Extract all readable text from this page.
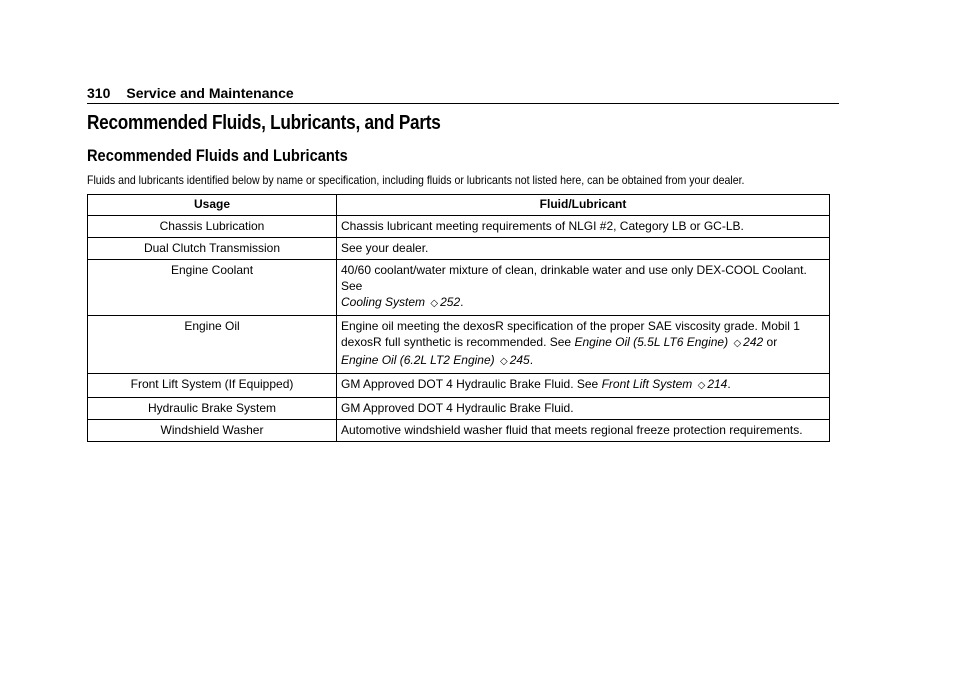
310 Service and Maintenance
Recommended Fluids, Lubricants, and Parts
Recommended Fluids and Lubricants

Fluids and lubricants identified below by name or specification, including fluids or lubricants not listed here, can be obtained from your dealer.

Usage	Fluid/Lubricant
Chassis Lubrication	Chassis lubricant meeting requirements of NLGI #2, Category LB or GC-LB.
Dual Clutch Transmission	See your dealer.
Engine Coolant	40/60 coolant/water mixture of clean, drinkable water and use only DEX-COOL Coolant. See
Cooling System ◇ 252.
Engine Oil	Engine oil meeting the dexosR specification of the proper SAE viscosity grade. Mobil 1 dexosR full synthetic is recommended. See Engine Oil (5.5L LT6 Engine) ◇ 242 or
Engine Oil (6.2L LT2 Engine) ◇ 245.
Front Lift System (If Equipped)	GM Approved DOT 4 Hydraulic Brake Fluid. See Front Lift System ◇ 214.
Hydraulic Brake System	GM Approved DOT 4 Hydraulic Brake Fluid.
Windshield Washer	Automotive windshield washer fluid that meets regional freeze protection requirements.
